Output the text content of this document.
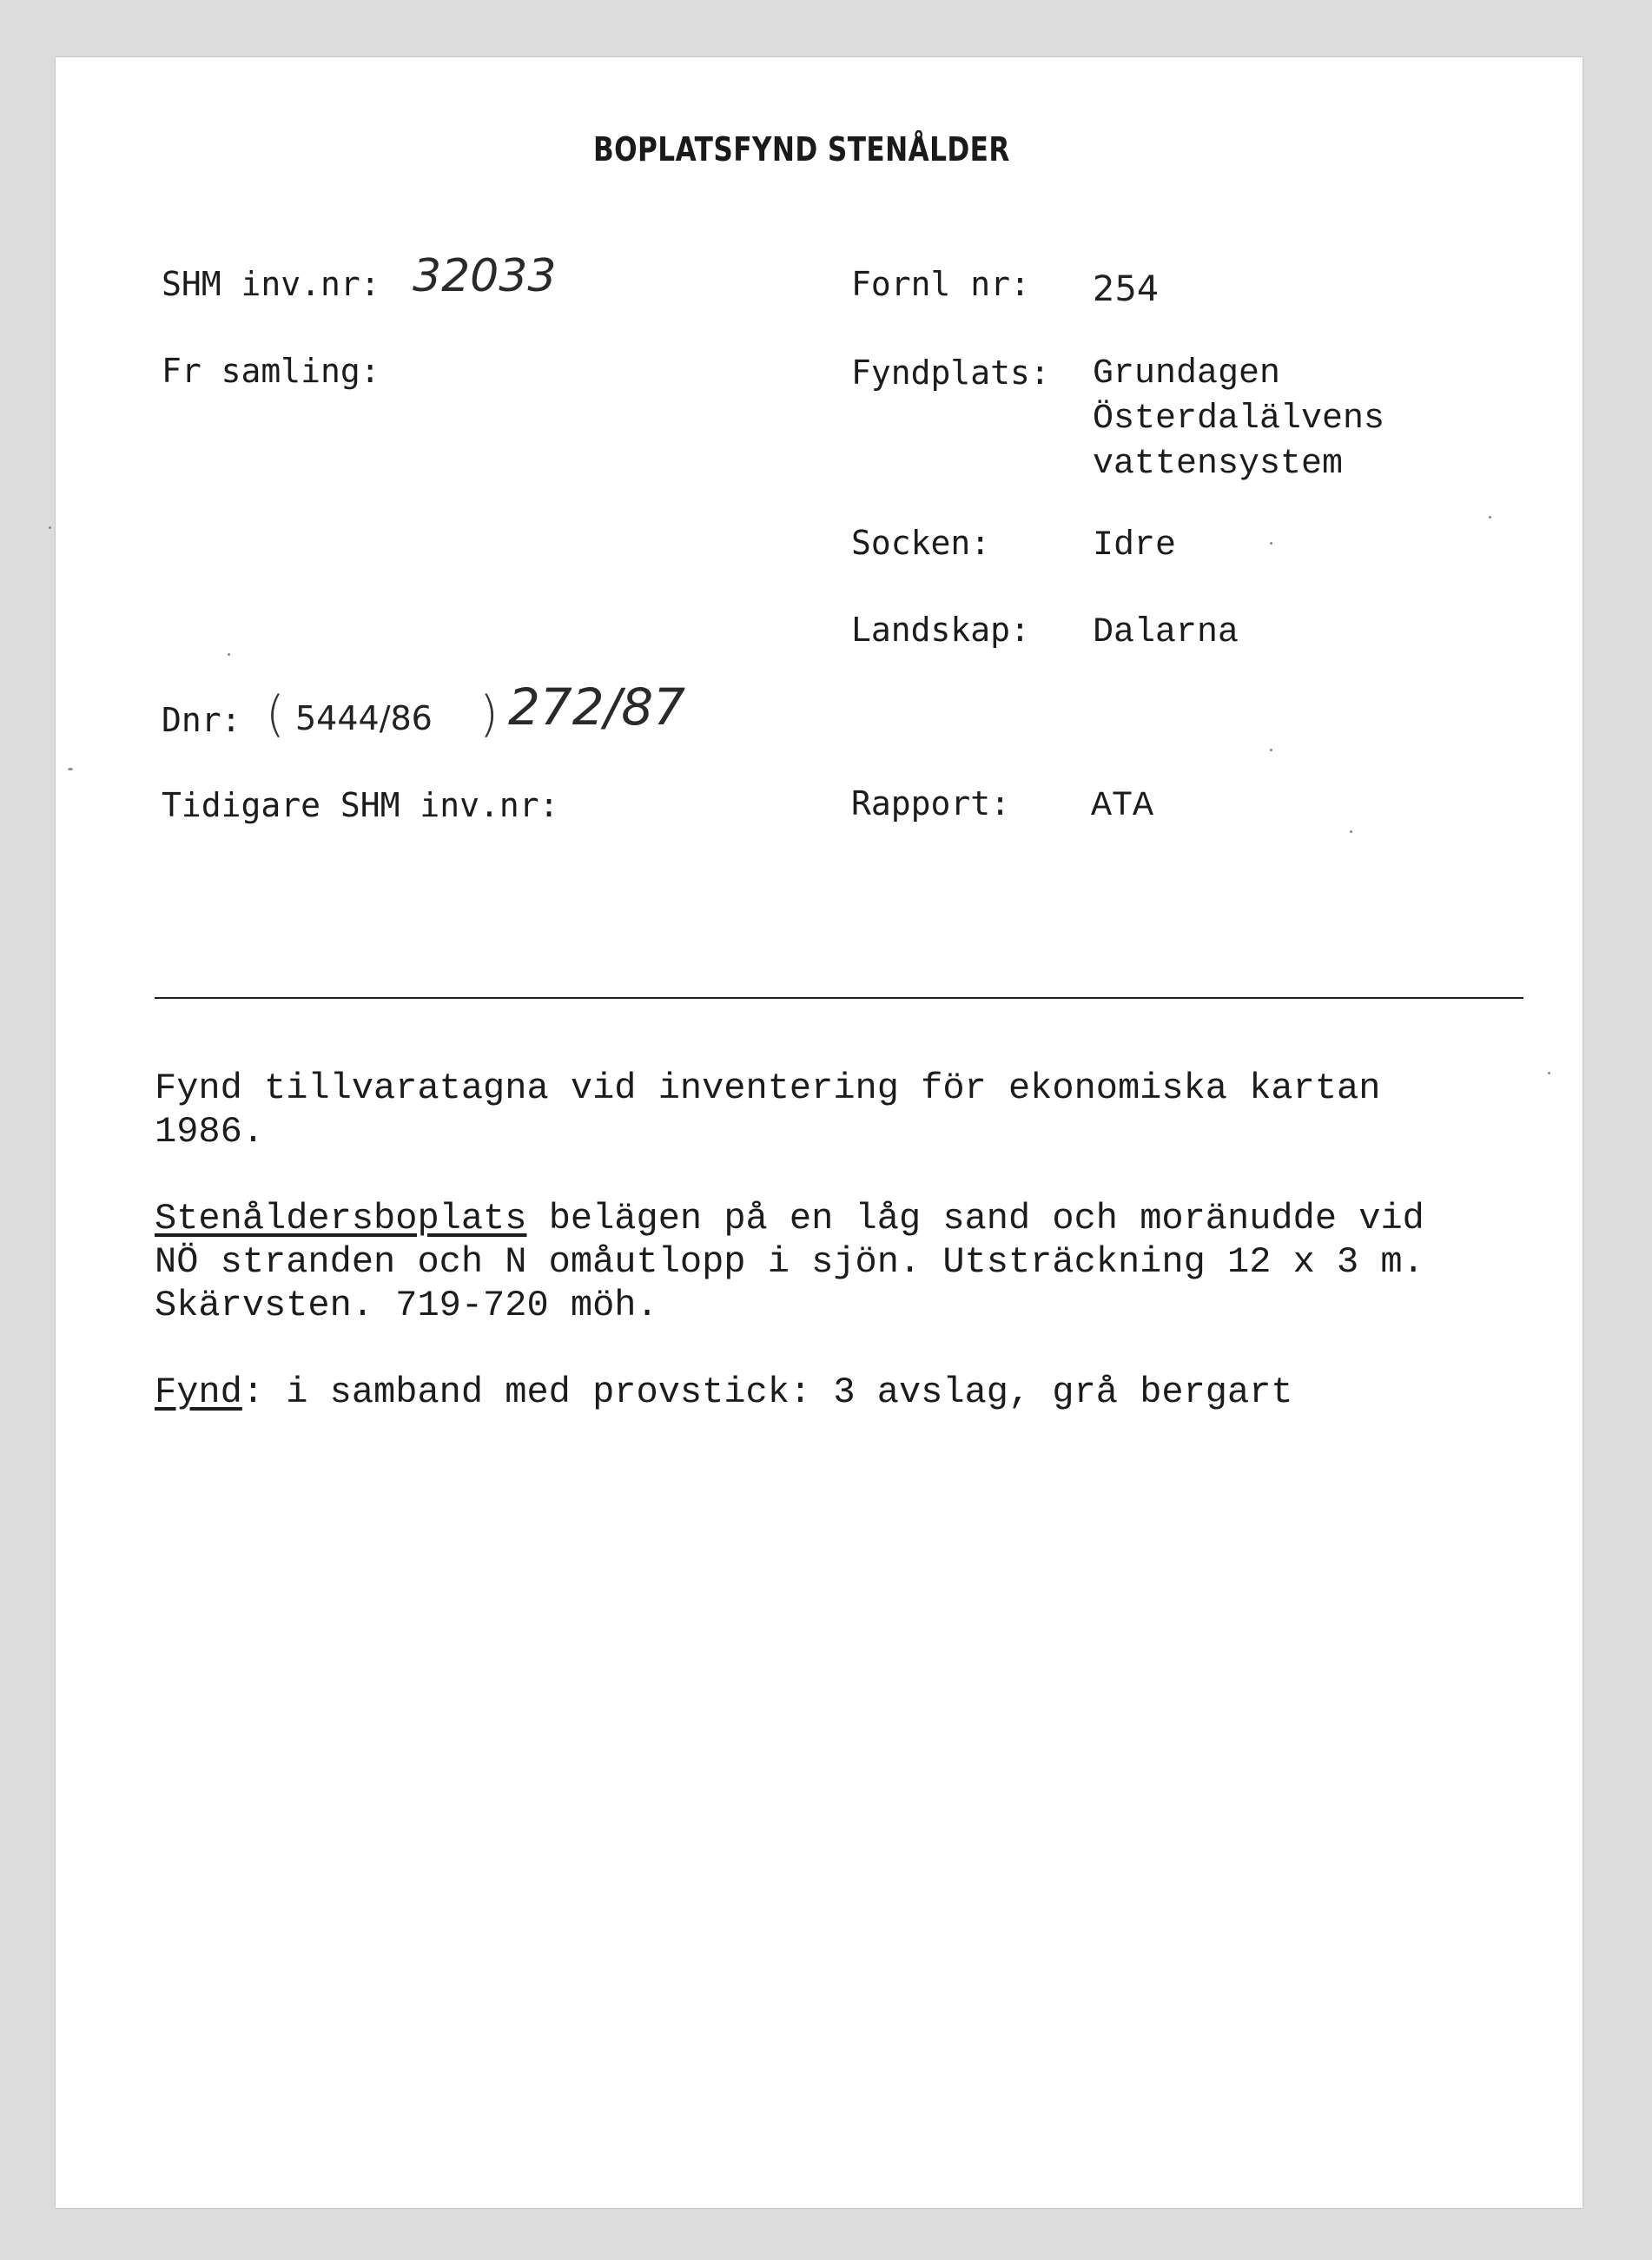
BOPLATSFYND STENÅLDER
SHM inv.nr: 32033
Fr samling:
Dnr: ( 5444/86 ) 272/87
Tidigare SHM inv.nr:
Fornl nr: 254
Fyndplats: Grundagen
Österdalälvens
vattensystem
Socken:	Idre
Landskap: Dalarna
Rapport: ATA
Fynd tillvaratagna vid inventering för ekonomiska kartan
1986.
Stenåldersboplats belägen på en låg sand och moränudde vid
NÖ stranden och N omåutlopp i sjön. Utsträckning 12 x 3 m.
Skärvsten. 719-720 möh.
Fynd: i samband med provstick: 3 avslag, grå bergart
